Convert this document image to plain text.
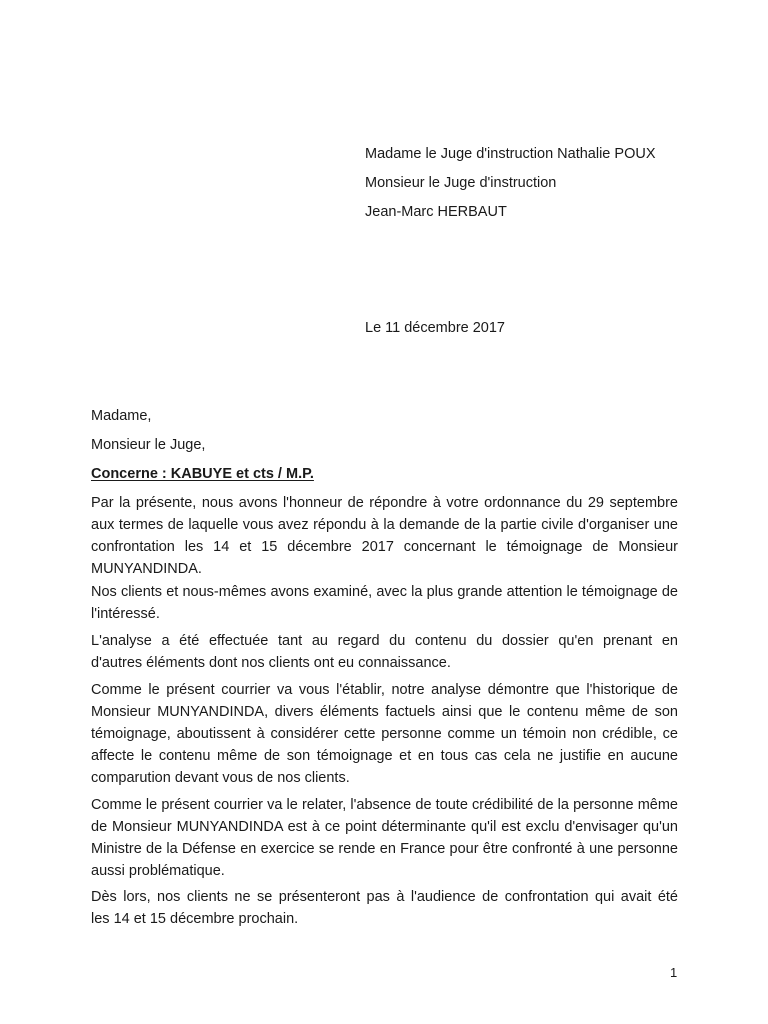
Madame le Juge d'instruction Nathalie POUX
Monsieur le Juge d'instruction
Jean-Marc HERBAUT
Le 11 décembre 2017
Madame,
Monsieur le Juge,
Concerne : KABUYE et cts / M.P.
Par la présente, nous avons l'honneur de répondre à votre ordonnance du 29 septembre
aux termes de laquelle vous avez répondu à la demande de la partie civile d'organiser une
confrontation les 14 et 15 décembre 2017 concernant le témoignage de Monsieur
MUNYANDINDA.
Nos clients et nous-mêmes avons examiné, avec la plus grande attention le témoignage de
l'intéressé.
L'analyse a été effectuée tant au regard du contenu du dossier qu'en prenant en
d'autres éléments dont nos clients ont eu connaissance.
Comme le présent courrier va vous l'établir, notre analyse démontre que l'historique de
Monsieur MUNYANDINDA, divers éléments factuels ainsi que le contenu même de son
témoignage, aboutissent à considérer cette personne comme un témoin non crédible, ce
affecte le contenu même de son témoignage et en tous cas cela ne justifie en aucune
comparution devant vous de nos clients.
Comme le présent courrier va le relater, l'absence de toute crédibilité de la personne même
de Monsieur MUNYANDINDA est à ce point déterminante qu'il est exclu d'envisager qu'un
Ministre de la Défense en exercice se rende en France pour être confronté à une personne
aussi problématique.
Dès lors, nos clients ne se présenteront pas à l'audience de confrontation qui avait été
les 14 et 15 décembre prochain.
1
